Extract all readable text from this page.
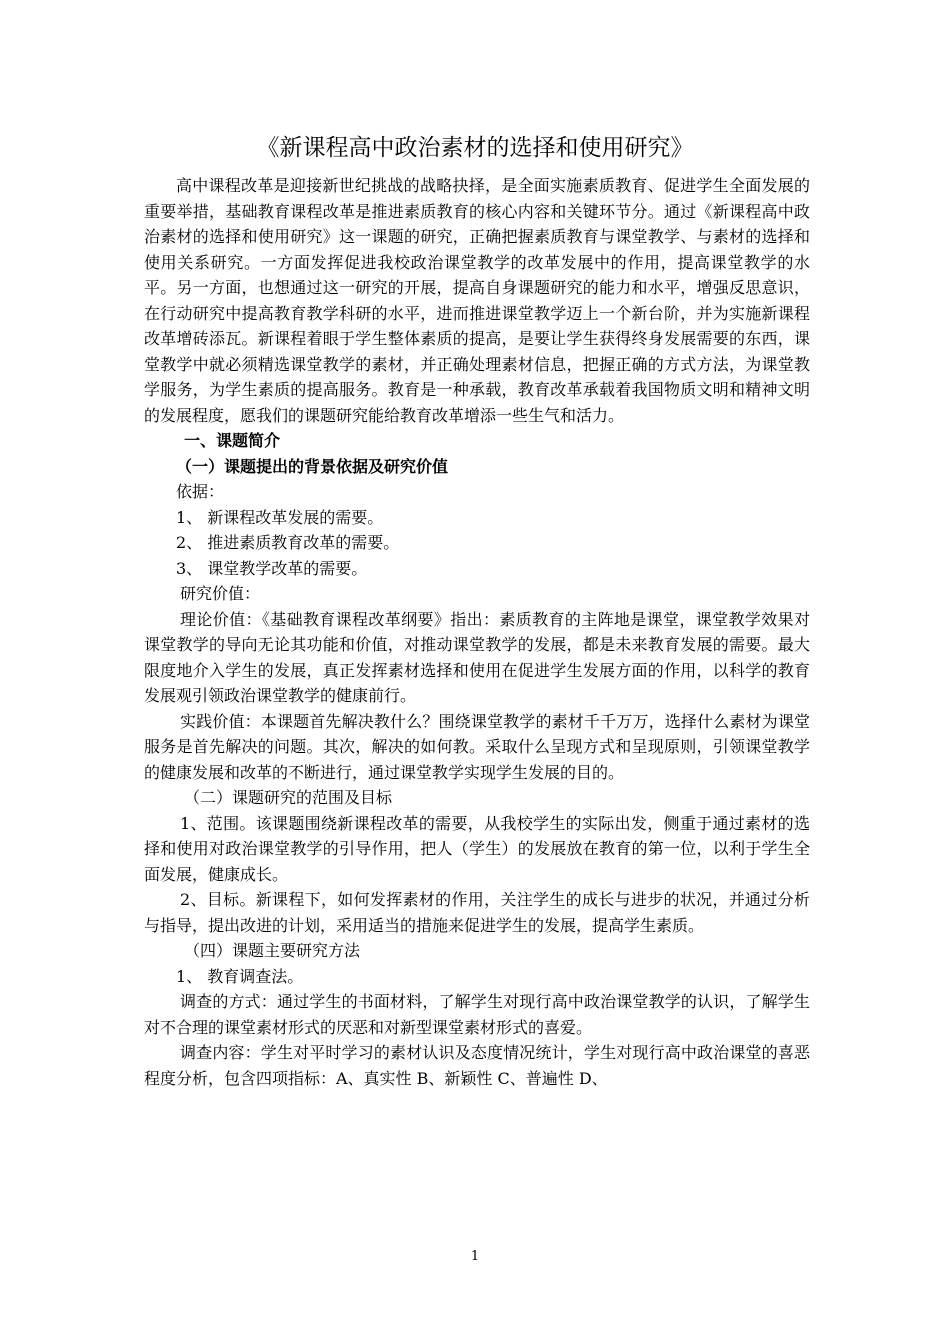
《新课程高中政治素材的选择和使用研究》

高中课程改革是迎接新世纪挑战的战略抉择，是全面实施素质教育、促进学生全面发展的重要举措，基础教育课程改革是推进素质教育的核心内容和关键环节分。通过《新课程高中政治素材的选择和使用研究》这一课题的研究，正确把握素质教育与课堂教学、与素材的选择和使用关系研究。一方面发挥促进我校政治课堂教学的改革发展中的作用，提高课堂教学的水平。另一方面，也想通过这一研究的开展，提高自身课题研究的能力和水平，增强反思意识，在行动研究中提高教育教学科研的水平，进而推进课堂教学迈上一个新台阶，并为实施新课程改革增砖添瓦。新课程着眼于学生整体素质的提高，是要让学生获得终身发展需要的东西，课堂教学中就必须精选课堂教学的素材，并正确处理素材信息，把握正确的方式方法，为课堂教学服务，为学生素质的提高服务。教育是一种承载，教育改革承载着我国物质文明和精神文明的发展程度，愿我们的课题研究能给教育改革增添一些生气和活力。

一、课题简介

（一）课题提出的背景依据及研究价值

依据：

1、 新课程改革发展的需要。

2、 推进素质教育改革的需要。

3、 课堂教学改革的需要。

研究价值：

理论价值：《基础教育课程改革纲要》指出：素质教育的主阵地是课堂，课堂教学效果对课堂教学的导向无论其功能和价值，对推动课堂教学的发展，都是未来教育发展的需要。最大限度地介入学生的发展，真正发挥素材选择和使用在促进学生发展方面的作用，以科学的教育发展观引领政治课堂教学的健康前行。

实践价值：本课题首先解决教什么？围绕课堂教学的素材千千万万，选择什么素材为课堂服务是首先解决的问题。其次，解决的如何教。采取什么呈现方式和呈现原则，引领课堂教学的健康发展和改革的不断进行，通过课堂教学实现学生发展的目的。

（二）课题研究的范围及目标

1、范围。该课题围绕新课程改革的需要，从我校学生的实际出发，侧重于通过素材的选择和使用对政治课堂教学的引导作用，把人（学生）的发展放在教育的第一位，以利于学生全面发展，健康成长。

2、目标。新课程下，如何发挥素材的作用，关注学生的成长与进步的状况，并通过分析与指导，提出改进的计划，采用适当的措施来促进学生的发展，提高学生素质。

（四）课题主要研究方法

1、 教育调查法。

调查的方式：通过学生的书面材料，了解学生对现行高中政治课堂教学的认识，了解学生对不合理的课堂素材形式的厌恶和对新型课堂素材形式的喜爱。

调查内容：学生对平时学习的素材认识及态度情况统计，学生对现行高中政治课堂的喜恶程度分析，包含四项指标：A、真实性 B、新颖性 C、普遍性 D、

1
